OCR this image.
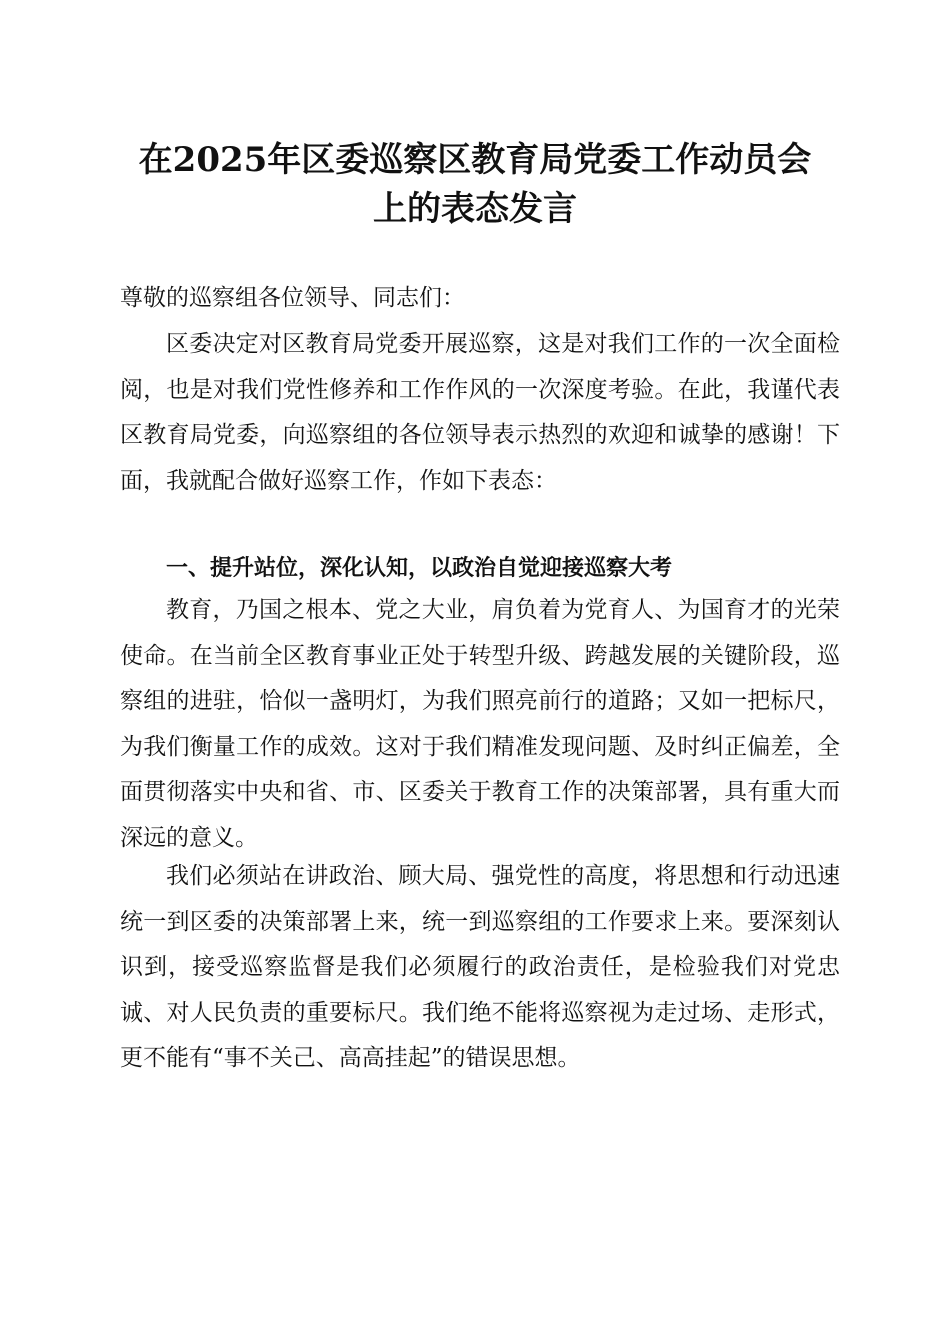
在2025年区委巡察区教育局党委工作动员会
上的表态发言

尊敬的巡察组各位领导、同志们：

区委决定对区教育局党委开展巡察，这是对我们工作的一次全面检阅，也是对我们党性修养和工作作风的一次深度考验。在此，我谨代表区教育局党委，向巡察组的各位领导表示热烈的欢迎和诚挚的感谢！下面，我就配合做好巡察工作，作如下表态：

一、提升站位，深化认知，以政治自觉迎接巡察大考

教育，乃国之根本、党之大业，肩负着为党育人、为国育才的光荣使命。在当前全区教育事业正处于转型升级、跨越发展的关键阶段，巡察组的进驻，恰似一盏明灯，为我们照亮前行的道路；又如一把标尺，为我们衡量工作的成效。这对于我们精准发现问题、及时纠正偏差，全面贯彻落实中央和省、市、区委关于教育工作的决策部署，具有重大而深远的意义。

我们必须站在讲政治、顾大局、强党性的高度，将思想和行动迅速统一到区委的决策部署上来，统一到巡察组的工作要求上来。要深刻认识到，接受巡察监督是我们必须履行的政治责任，是检验我们对党忠诚、对人民负责的重要标尺。我们绝不能将巡察视为走过场、走形式，更不能有“事不关己、高高挂起”的错误思想。
